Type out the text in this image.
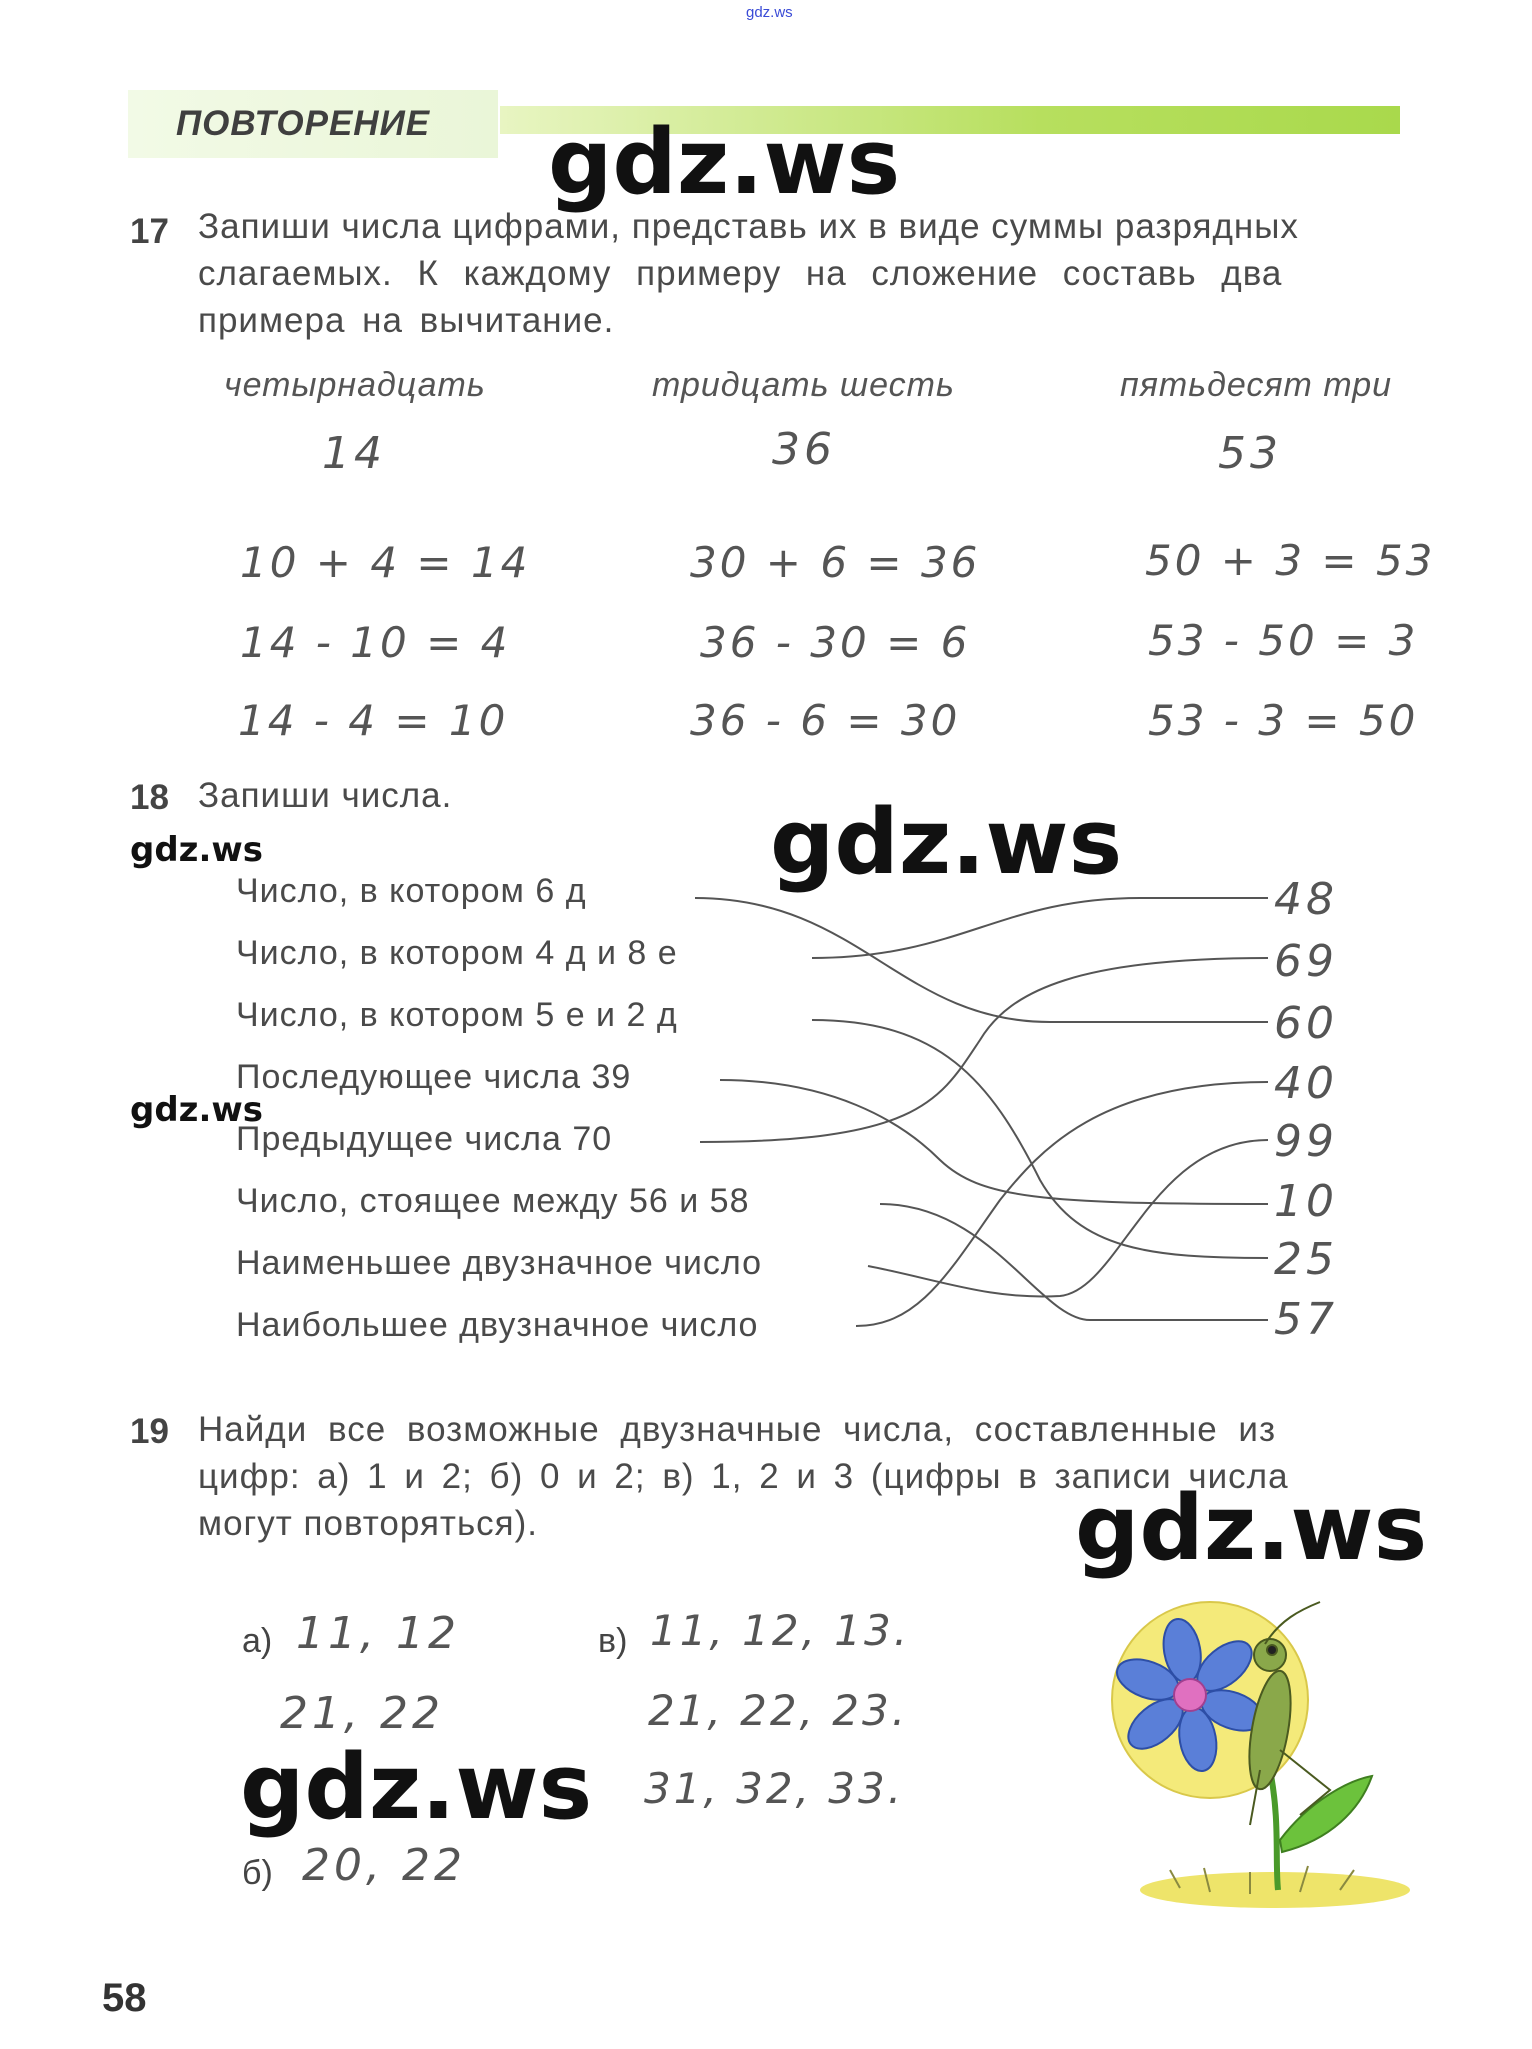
gdz.ws
ПОВТОРЕНИЕ gdz.ws
gdz.ws
gdz.ws
gdz.ws
gdz.ws
gdz.ws
17 Запиши числа цифрами, представь их в виде суммы разрядных
слагаемых. К каждому примеру на сложение составь два
примера на вычитание.
четырнадцать	тридцать шесть	пятьдесят три
14	36	53
10 + 4 = 14	30 + 6 = 36	50 + 3 = 53
14 - 10 = 4	36 - 30 = 6	53 - 50 = 3
14 - 4 = 10	36 - 6 = 30	53 - 3 = 50
18 Запиши числа.
Число, в котором 6 д
Число, в котором 4 д и 8 е
Число, в котором 5 е и 2 д
Последующее числа 39
Предыдущее числа 70
Число, стоящее между 56 и 58
Наименьшее двузначное число
Наибольшее двузначное число
48
69
60
40
99
10
25
57
19 Найди все возможные двузначные числа, составленные из
цифр: а) 1 и 2; б) 0 и 2; в) 1, 2 и 3 (цифры в записи числа
могут повторяться).
а) 11, 12
21, 22
в) 11, 12, 13.
21, 22, 23.
31, 32, 33.
б) 20, 22
58
